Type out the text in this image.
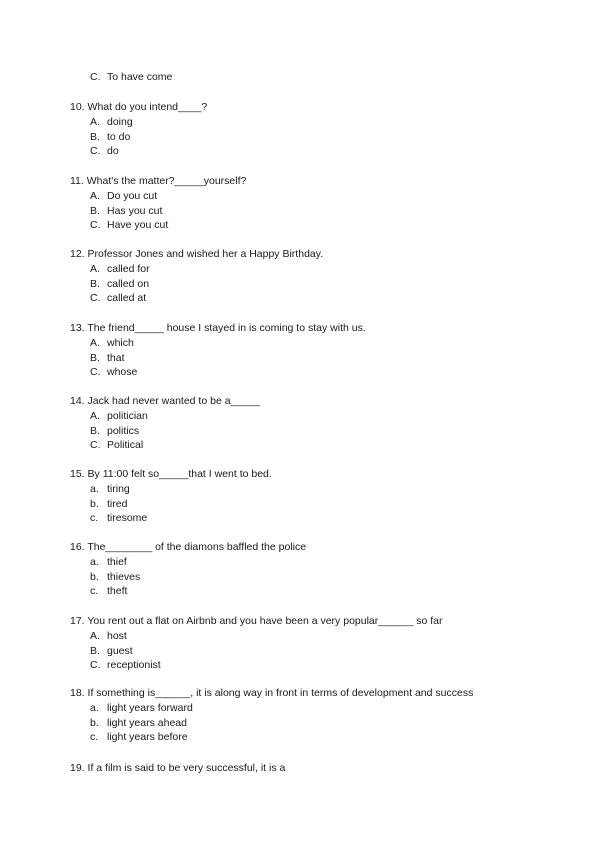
C. To have come
10. What do you intend____?
A. doing
B. to do
C. do
11. What's the matter?_____yourself?
A. Do you cut
B. Has you cut
C. Have you cut
12. Professor Jones and wished her a Happy Birthday.
A. called for
B. called on
C. called at
13. The friend_____ house I stayed in is coming to stay with us.
A. which
B. that
C. whose
14. Jack had never wanted to be a_____
A. politician
B. politics
C. Political
15. By 11:00 felt so_____that I went to bed.
a. tiring
b. tired
c. tiresome
16. The________ of the diamons baffled the police
a. thief
b. thieves
c. theft
17. You rent out a flat on Airbnb and you have been a very popular______ so far
A. host
B. guest
C. receptionist
18. If something is______, it is along way in front in terms of development and success
a. light years forward
b. light years ahead
c. light years before
19. If a film is said to be very successful, it is a
